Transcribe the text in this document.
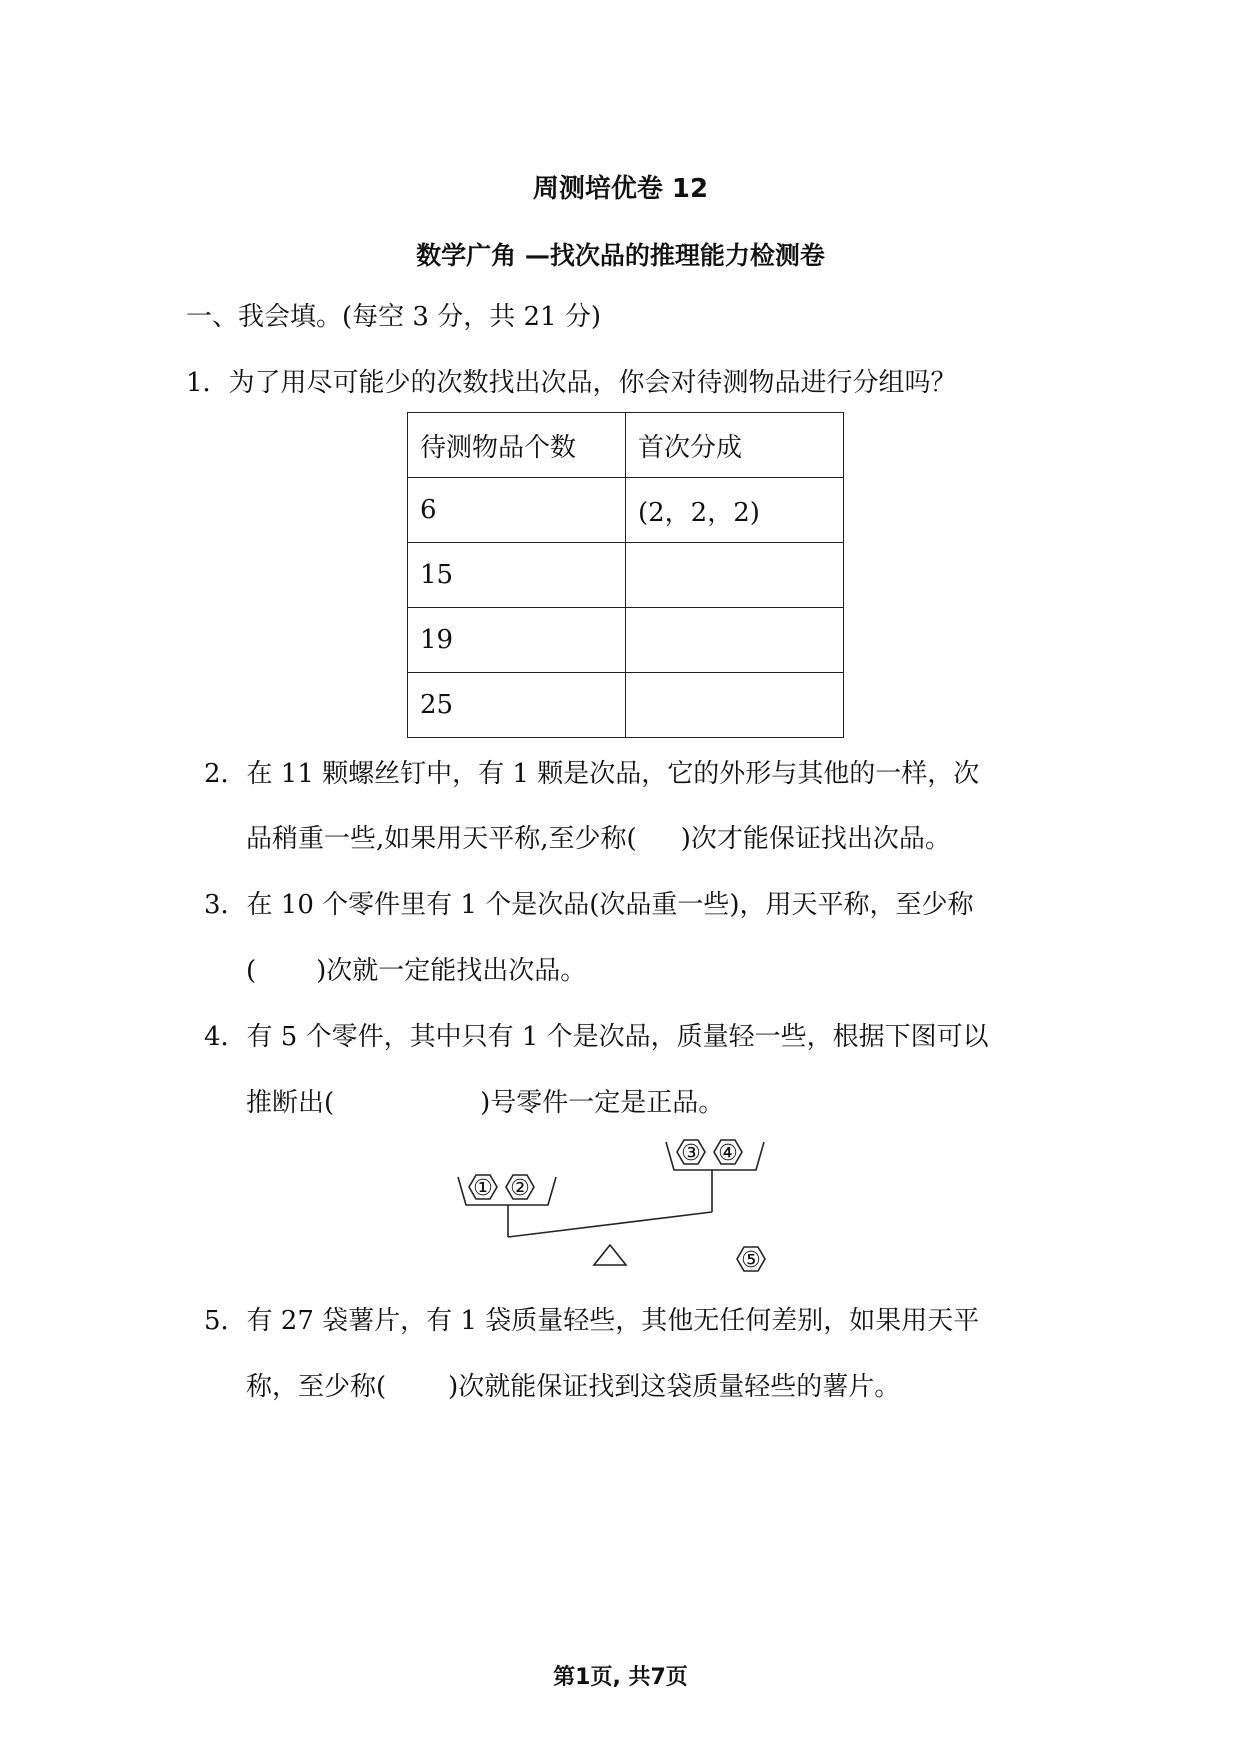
周测培优卷 12
数学广角 —找次品的推理能力检测卷
一、我会填。(每空 3 分，共 21 分)
1．为了用尽可能少的次数找出次品，你会对待测物品进行分组吗？
待测物品个数	首次分成
6	(2，2，2)
15	
19	
25	
2．在 11 颗螺丝钉中，有 1 颗是次品，它的外形与其他的一样，次
品稍重一些,如果用天平称,至少称( )次才能保证找出次品。
3．在 10 个零件里有 1 个是次品(次品重一些)，用天平称，至少称
( )次就一定能找出次品。
4．有 5 个零件，其中只有 1 个是次品，质量轻一些，根据下图可以
推断出(	)号零件一定是正品。
① ②
③ ④
⑤
5．有 27 袋薯片，有 1 袋质量轻些，其他无任何差别，如果用天平
称，至少称( )次就能保证找到这袋质量轻些的薯片。
第1页, 共7页
